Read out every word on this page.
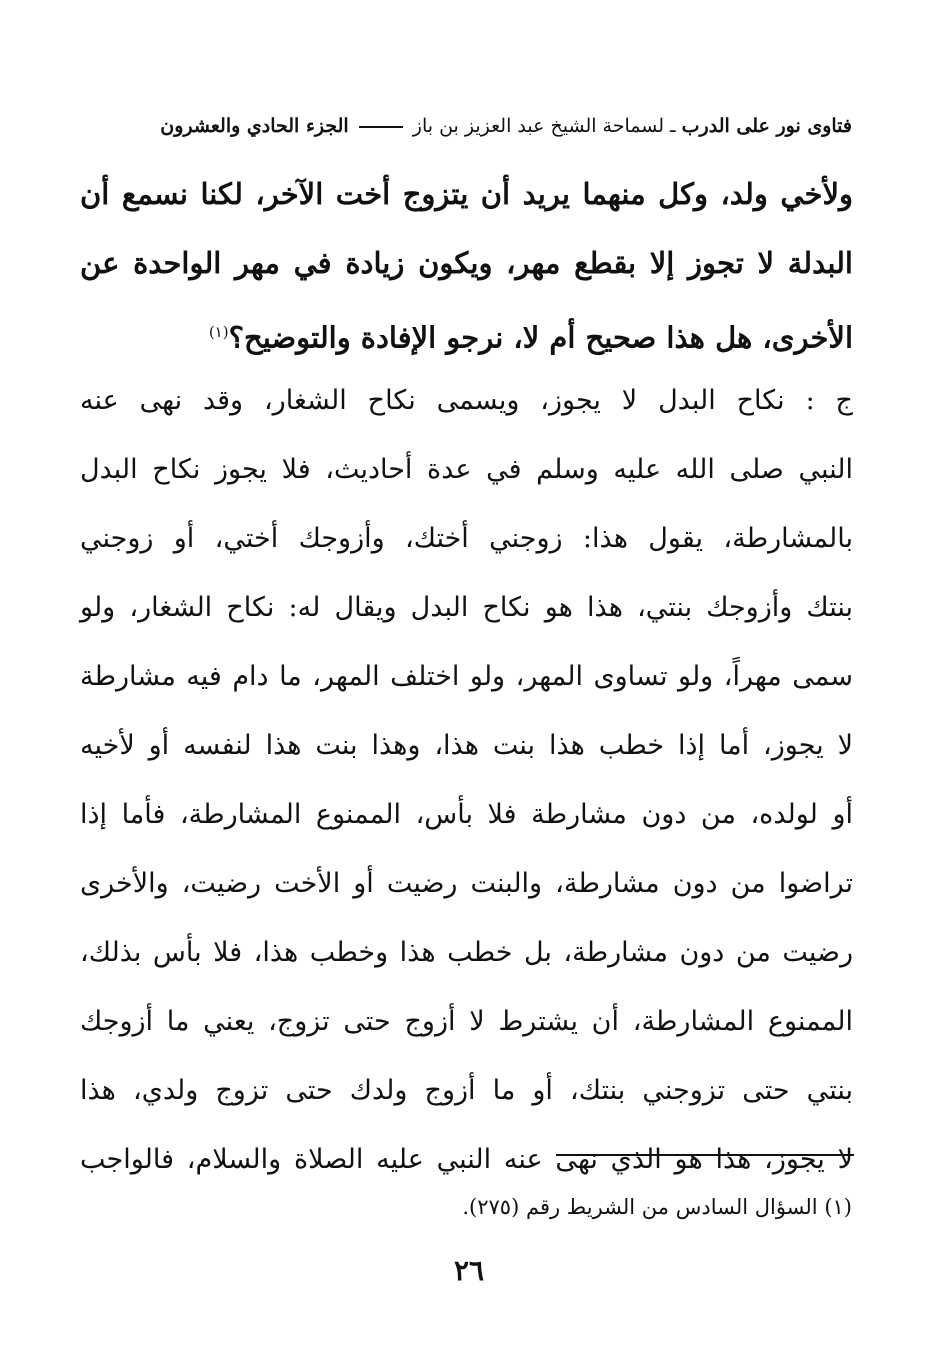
فتاوى نور على الدرب ـ لسماحة الشيخ عبد العزيز بن باز  الجزء الحادي والعشرون
ولأخي ولد، وكل منهما يريد أن يتزوج أخت الآخر، لكنا نسمع أن
البدلة لا تجوز إلا بقطع مهر، ويكون زيادة في مهر الواحدة عن
الأخرى، هل هذا صحيح أم لا، نرجو الإفادة والتوضيح؟$^{(١)}$
ج : نكاح البدل لا يجوز، ويسمى نكاح الشغار، وقد نهى عنه
النبي صلى الله عليه وسلم في عدة أحاديث، فلا يجوز نكاح البدل
بالمشارطة، يقول هذا: زوجني أختك، وأزوجك أختي، أو زوجني
بنتك وأزوجك بنتي، هذا هو نكاح البدل ويقال له: نكاح الشغار، ولو
سمى مهراً، ولو تساوى المهر، ولو اختلف المهر، ما دام فيه مشارطة
لا يجوز، أما إذا خطب هذا بنت هذا، وهذا بنت هذا لنفسه أو لأخيه
أو لولده، من دون مشارطة فلا بأس، الممنوع المشارطة، فأما إذا
تراضوا من دون مشارطة، والبنت رضيت أو الأخت رضيت، والأخرى
رضيت من دون مشارطة، بل خطب هذا وخطب هذا، فلا بأس بذلك،
الممنوع المشارطة، أن يشترط لا أزوج حتى تزوج، يعني ما أزوجك
بنتي حتى تزوجني بنتك، أو ما أزوج ولدك حتى تزوج ولدي، هذا
لا يجوز، هذا هو الذي نهى عنه النبي عليه الصلاة والسلام، فالواجب
(١) السؤال السادس من الشريط رقم (٢٧٥).
٢٦
